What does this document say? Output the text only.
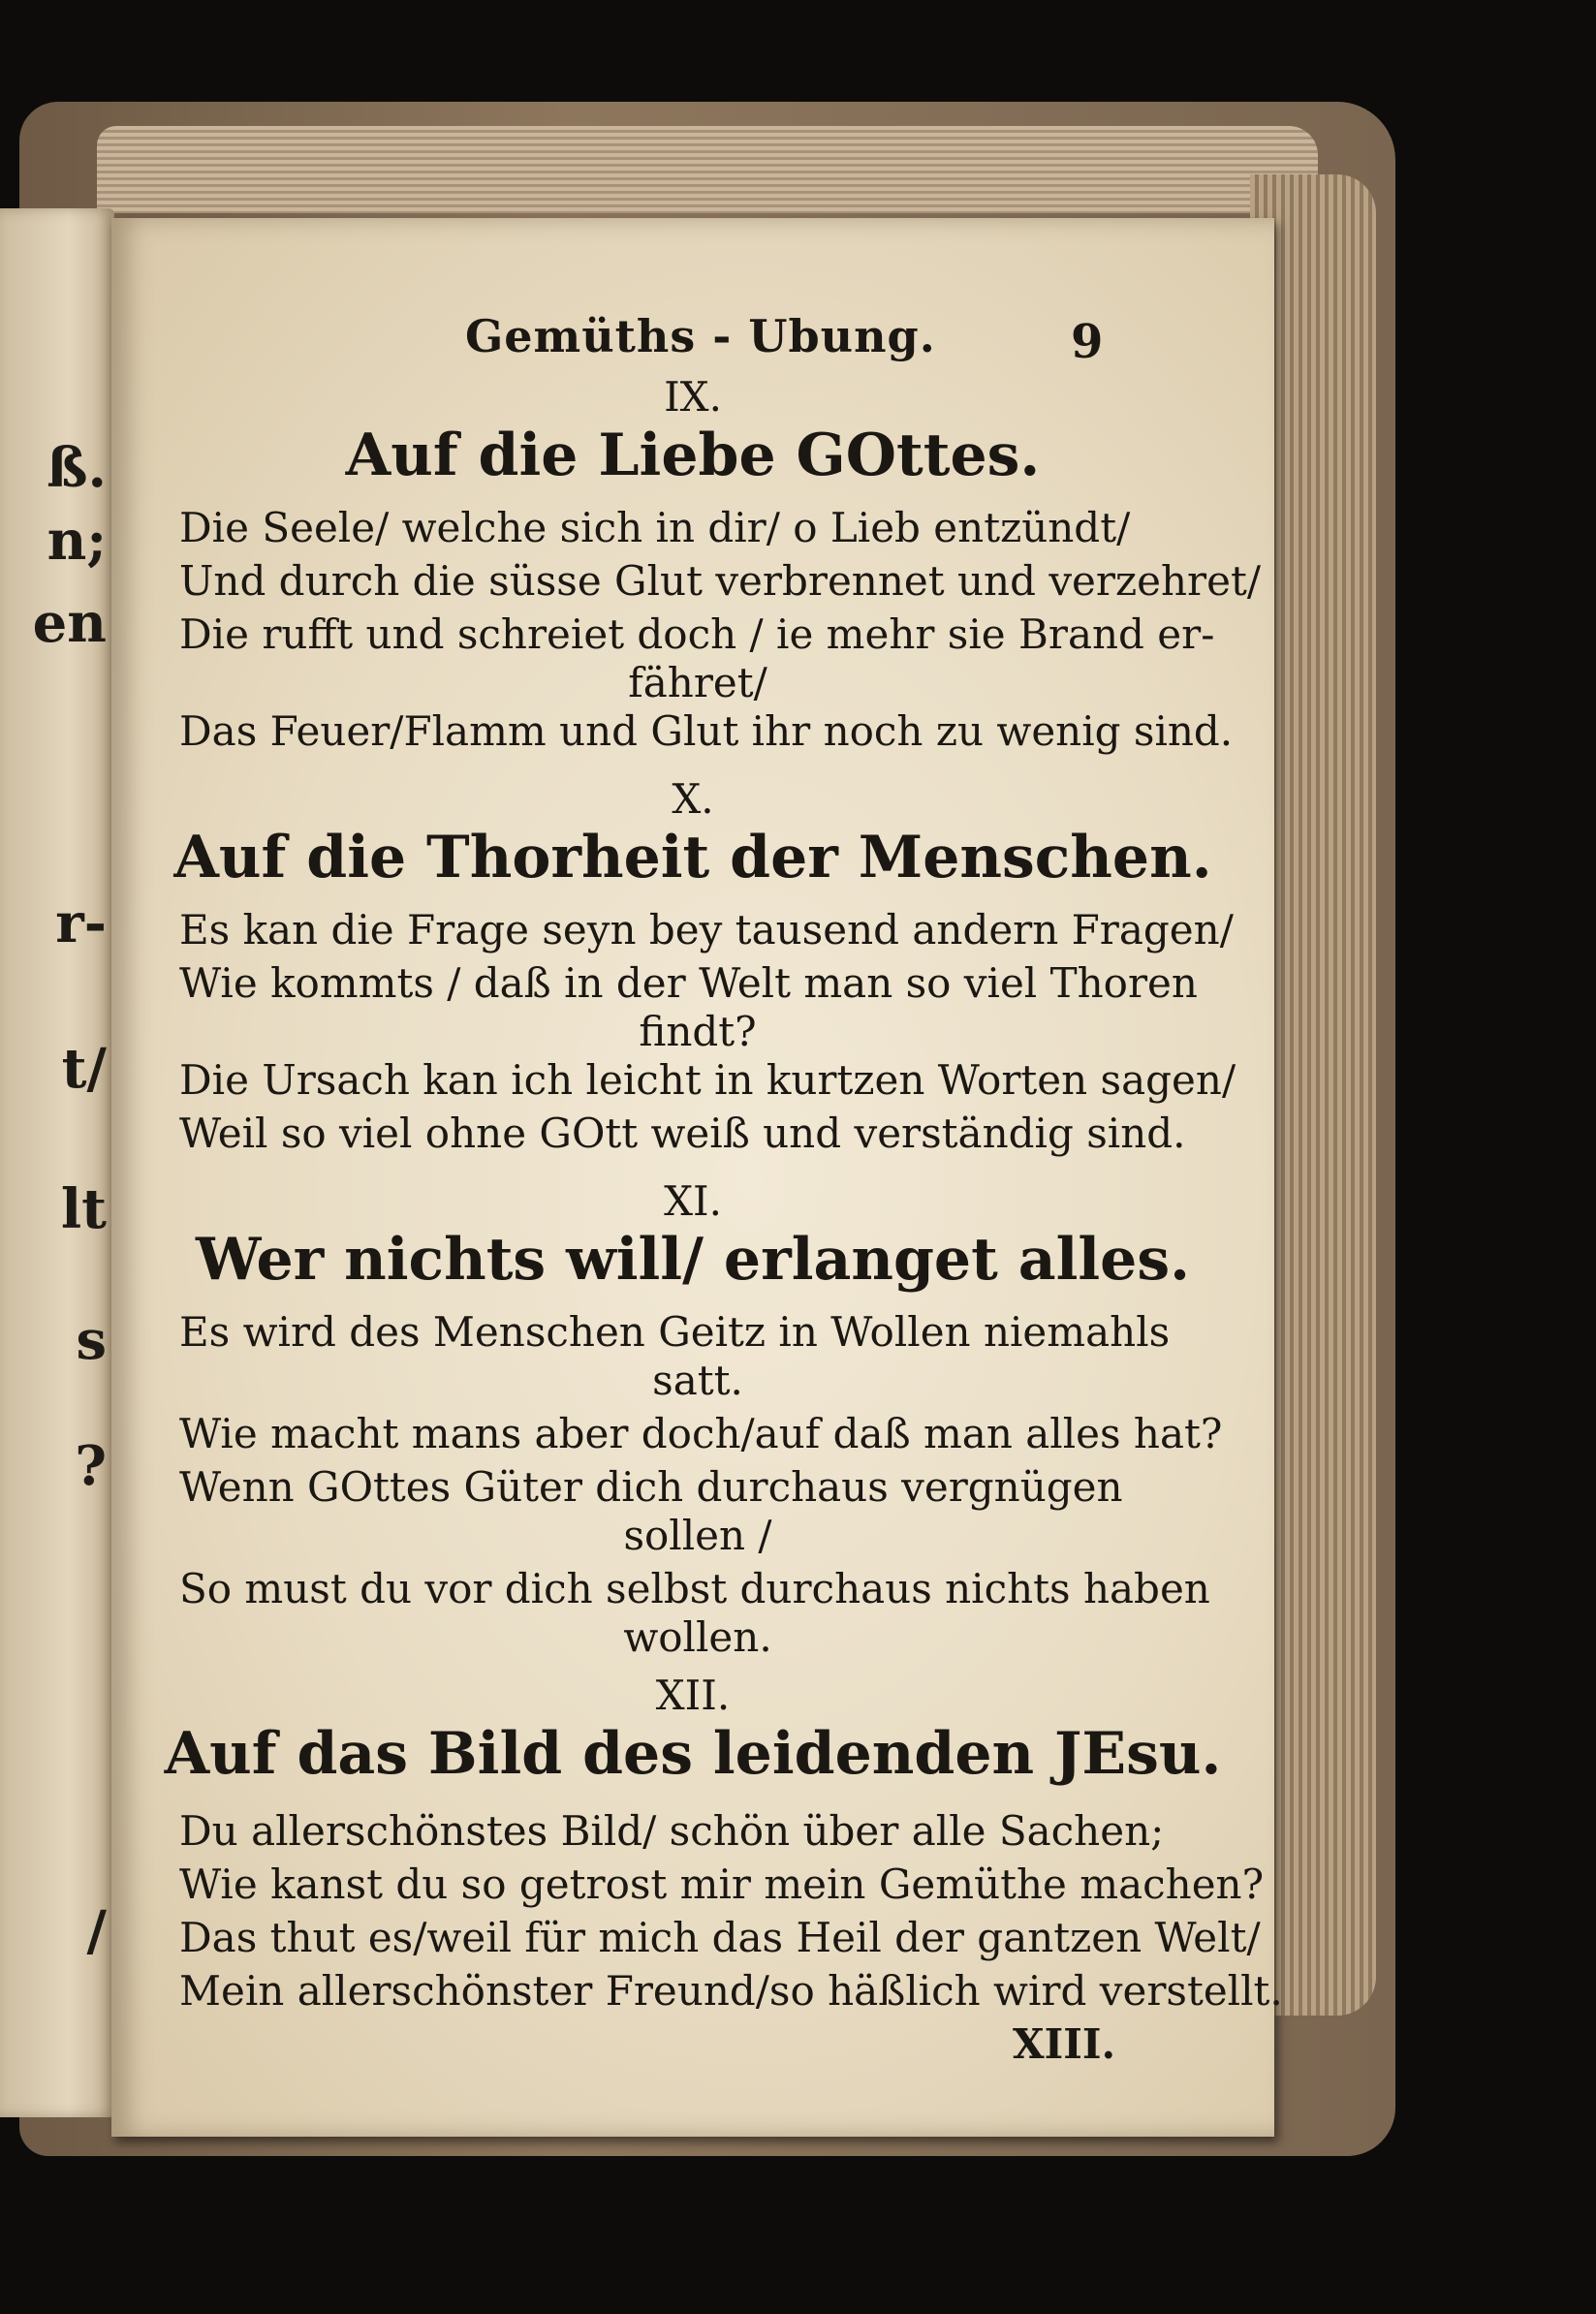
ß.
n;
en
r-
t/
lt
s
?
/
Gemüths - Ubung.	9
IX.
Auf die Liebe GOttes.
Die Seele/ welche sich in dir/ o Lieb entzündt/
Und durch die süsse Glut verbrennet und verzehret/
Die rufft und schreiet doch / ie mehr sie Brand er-
fähret/
Das Feuer/Flamm und Glut ihr noch zu wenig sind.
X.
Auf die Thorheit der Menschen.
Es kan die Frage seyn bey tausend andern Fragen/
Wie kommts / daß in der Welt man so viel Thoren
findt?
Die Ursach kan ich leicht in kurtzen Worten sagen/
Weil so viel ohne GOtt weiß und verständig sind.
XI.
Wer nichts will/ erlanget alles.
Es wird des Menschen Geitz in Wollen niemahls
satt.
Wie macht mans aber doch/auf daß man alles hat?
Wenn GOttes Güter dich durchaus vergnügen
sollen /
So must du vor dich selbst durchaus nichts haben
wollen.
XII.
Auf das Bild des leidenden JEsu.
Du allerschönstes Bild/ schön über alle Sachen;
Wie kanst du so getrost mir mein Gemüthe machen?
Das thut es/weil für mich das Heil der gantzen Welt/
Mein allerschönster Freund/so häßlich wird verstellt.
XIII.
